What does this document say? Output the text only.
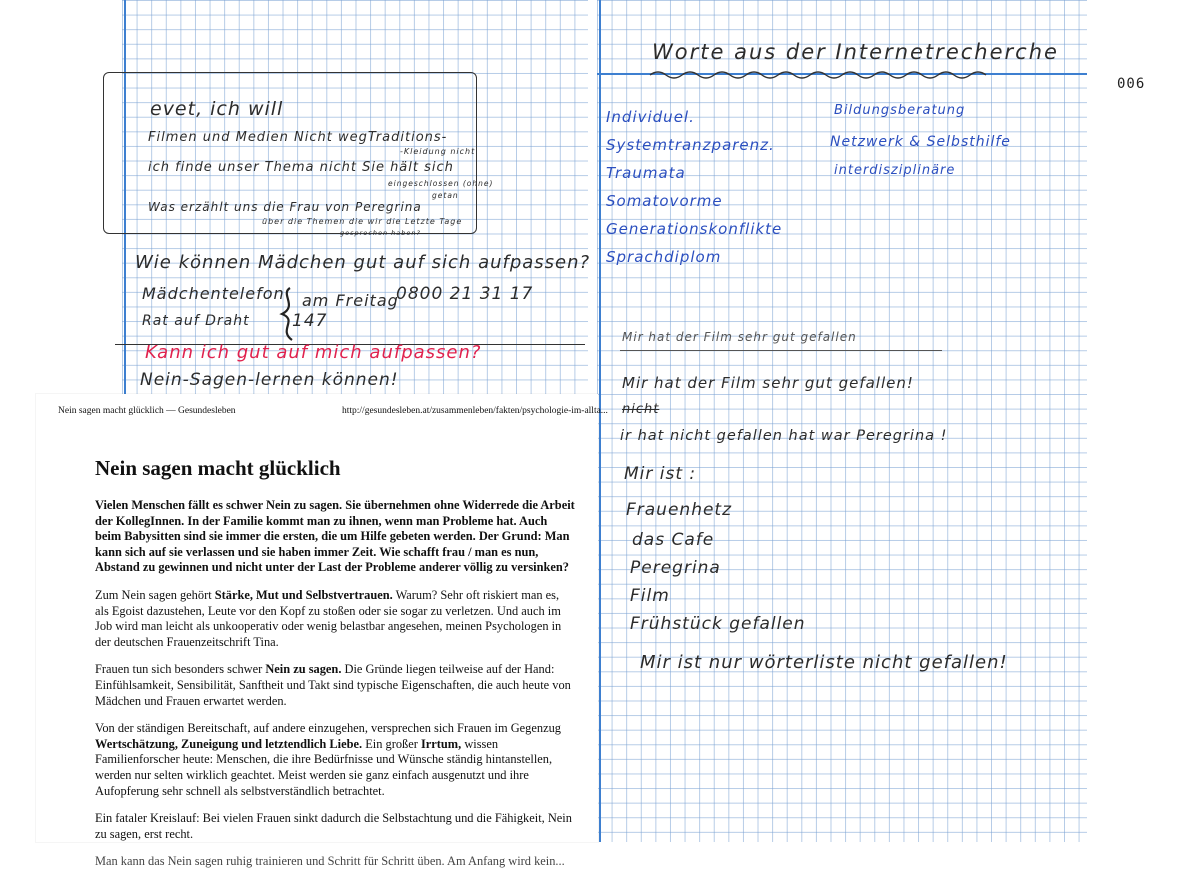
006
evet, ich will
Filmen und Medien Nicht wegTraditions-
-Kleidung nicht
ich finde unser Thema nicht Sie hält sich
eingeschlossen (ohne)
getan
Was erzählt uns die Frau von Peregrina
über die Themen die wir die Letzte Tage
gesprochen haben?
Wie können Mädchen gut auf sich aufpassen?
Mädchentelefon am Freitag
0800 21 31 17
Rat auf Draht 147
Kann ich gut auf mich aufpassen?
Nein-Sagen-lernen können!
Worte aus der Internetrecherche
Individuel.
Systemtranzparenz.
Traumata
Somatovorme
Generationskonflikte
Sprachdiplom
Bildungsberatung
Netzwerk & Selbsthilfe
interdisziplinäre
Mir hat der Film sehr gut gefallen
Mir hat der Film sehr gut gefallen!
nicht
ir hat nicht gefallen hat war Peregrina !
Mir ist :
Frauenhetz
das Cafe
Peregrina
Film
Frühstück gefallen
Mir ist nur wörterliste nicht gefallen!
Nein sagen macht glücklich — Gesundesleben	http://gesundesleben.at/zusammenleben/fakten/psychologie-im-allta...
Nein sagen macht glücklich

Vielen Menschen fällt es schwer Nein zu sagen. Sie übernehmen ohne Widerrede die Arbeit der KollegInnen. In der Familie kommt man zu ihnen, wenn man Probleme hat. Auch beim Babysitten sind sie immer die ersten, die um Hilfe gebeten werden. Der Grund: Man kann sich auf sie verlassen und sie haben immer Zeit. Wie schafft frau / man es nun, Abstand zu gewinnen und nicht unter der Last der Probleme anderer völlig zu versinken?

Zum Nein sagen gehört Stärke, Mut und Selbstvertrauen. Warum? Sehr oft riskiert man es, als Egoist dazustehen, Leute vor den Kopf zu stoßen oder sie sogar zu verletzen. Und auch im Job wird man leicht als unkooperativ oder wenig belastbar angesehen, meinen Psychologen in der deutschen Frauenzeitschrift Tina.

Frauen tun sich besonders schwer Nein zu sagen. Die Gründe liegen teilweise auf der Hand: Einfühlsamkeit, Sensibilität, Sanftheit und Takt sind typische Eigenschaften, die auch heute von Mädchen und Frauen erwartet werden.

Von der ständigen Bereitschaft, auf andere einzugehen, versprechen sich Frauen im Gegenzug Wertschätzung, Zuneigung und letztendlich Liebe. Ein großer Irrtum, wissen Familienforscher heute: Menschen, die ihre Bedürfnisse und Wünsche ständig hintanstellen, werden nur selten wirklich geachtet. Meist werden sie ganz einfach ausgenutzt und ihre Aufopferung sehr schnell als selbstverständlich betrachtet.

Ein fataler Kreislauf: Bei vielen Frauen sinkt dadurch die Selbstachtung und die Fähigkeit, Nein zu sagen, erst recht.

Man kann das Nein sagen ruhig trainieren und Schritt für Schritt üben. Am Anfang wird kein...
